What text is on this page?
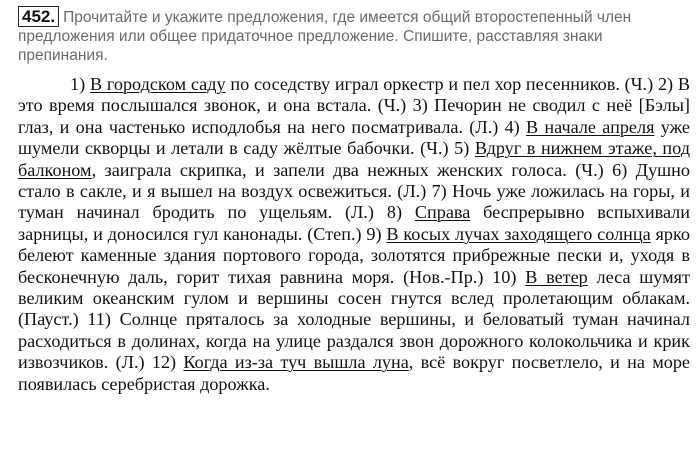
452. Прочитайте и укажите предложения, где имеется общий второстепенный член предложения или общее придаточное предложение. Спишите, расставляя знаки препинания.

1) В городском саду по соседству играл оркестр и пел хор песенников. (Ч.) 2) В это время послышался звонок, и она встала. (Ч.) 3) Печорин не сводил с неё [Бэлы] глаз, и она частенько исподлобья на него посматривала. (Л.) 4) В начале апреля уже шумели скворцы и летали в саду жёлтые бабочки. (Ч.) 5) Вдруг в нижнем этаже, под балконом, заиграла скрипка, и запели два нежных женских голоса. (Ч.) 6) Душно стало в сакле, и я вышел на воздух освежиться. (Л.) 7) Ночь уже ложилась на горы, и туман начинал бродить по ущельям. (Л.) 8) Справа беспрерывно вспыхивали зарницы, и доносился гул канонады. (Степ.) 9) В косых лучах заходящего солнца ярко белеют каменные здания портового города, золотятся прибрежные пески и, уходя в бесконечную даль, горит тихая равнина моря. (Нов.-Пр.) 10) В ветер леса шумят великим океанским гулом и вершины сосен гнутся вслед пролетающим облакам. (Пауст.) 11) Солнце пряталось за холодные вершины, и беловатый туман начинал расходиться в долинах, когда на улице раздался звон дорожного колокольчика и крик извозчиков. (Л.) 12) Когда из-за туч вышла луна, всё вокруг посветлело, и на море появилась серебристая дорожка.
